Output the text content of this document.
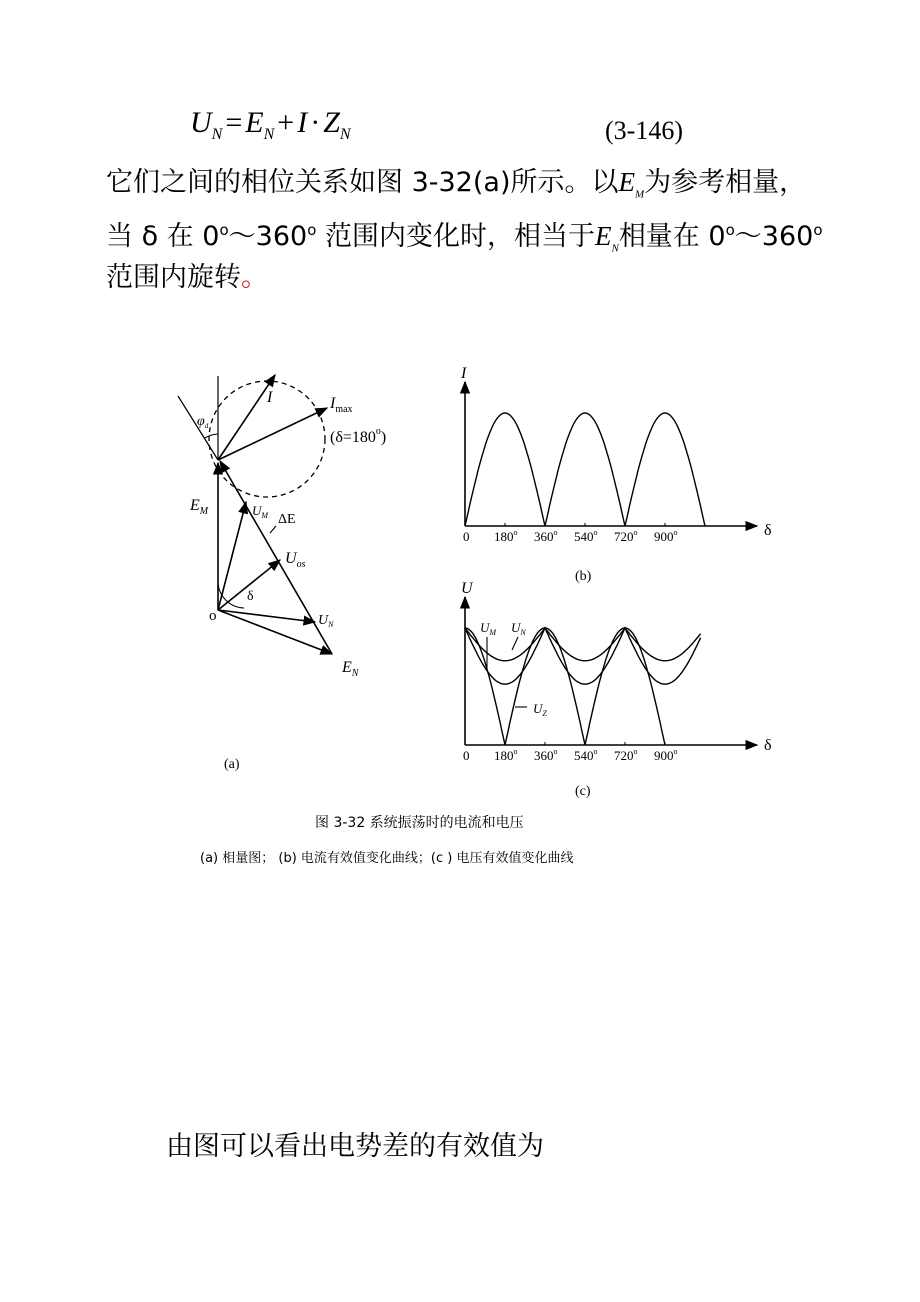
$U_N = E_N + I \cdot Z_N$	(3-146)
它们之间的相位关系如图 3-32(a)所示。以$E_M$为参考相量，
当 δ 在 0$^o$～360$^o$ 范围内变化时，相当于$E_N$相量在 0$^o$～360$^o$
范围内旋转。
$E_M$	$U_M$ ΔE
$U_{os}$
$U_N$
$E_N$
I	$I_{max}$
$(\delta=180^o)$
$\varphi_d$
δ
o
(a)
I
δ
0 180$^o$ 360$^o$ 540$^o$ 720$^o$ 900$^o$
(b)
U
δ
0 180$^o$ 360$^o$ 540$^o$ 720$^o$ 900$^o$
$U_M$ $U_N$
$U_Z$
(c)
图 3-32 系统振荡时的电流和电压
(a) 相量图； (b) 电流有效值变化曲线；(c ) 电压有效值变化曲线
由图可以看出电势差的有效值为
